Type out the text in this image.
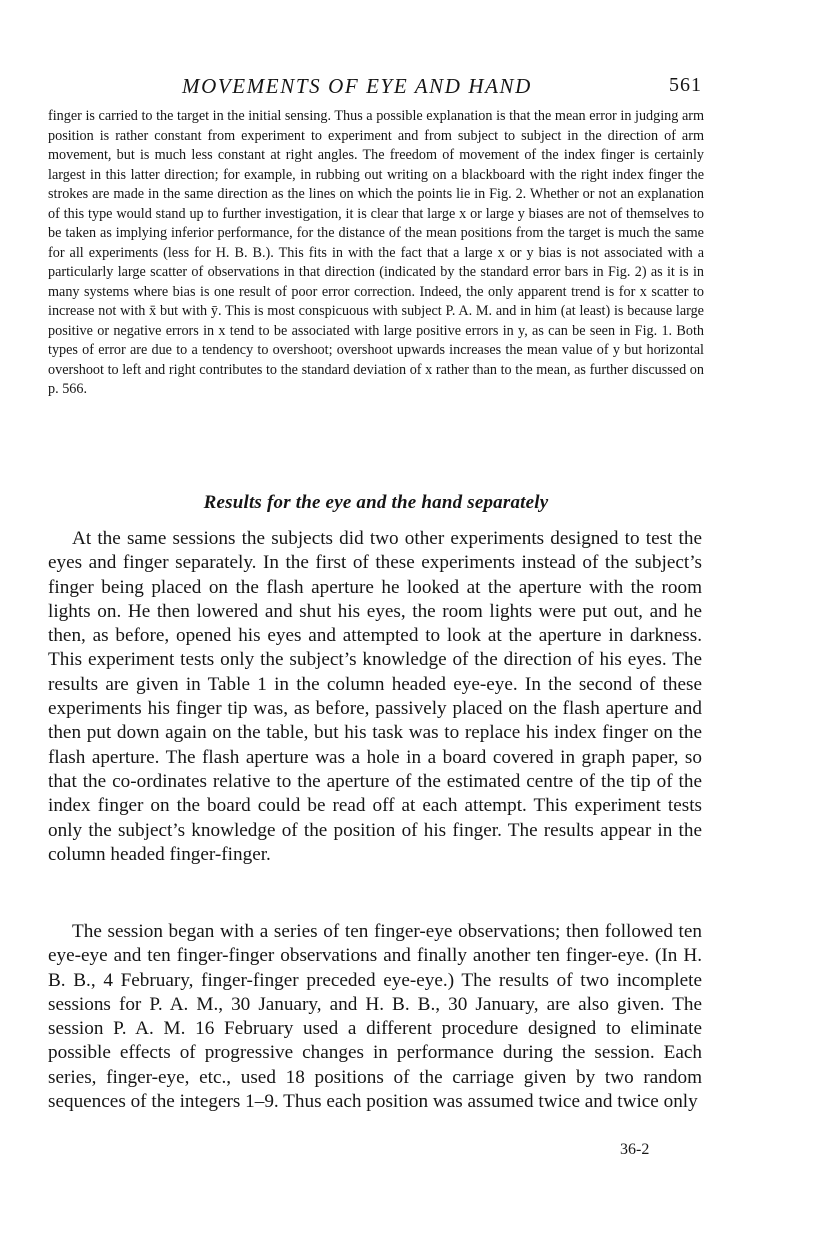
MOVEMENTS OF EYE AND HAND	561

finger is carried to the target in the initial sensing. Thus a possible explanation is that the mean error in judging arm position is rather constant from experiment to experiment and from subject to subject in the direction of arm movement, but is much less constant at right angles. The freedom of movement of the index finger is certainly largest in this latter direction; for example, in rubbing out writing on a blackboard with the right index finger the strokes are made in the same direction as the lines on which the points lie in Fig. 2. Whether or not an explanation of this type would stand up to further investigation, it is clear that large x or large y biases are not of themselves to be taken as implying inferior performance, for the distance of the mean positions from the target is much the same for all experiments (less for H. B. B.). This fits in with the fact that a large x or y bias is not associated with a particularly large scatter of observations in that direction (indicated by the standard error bars in Fig. 2) as it is in many systems where bias is one result of poor error correction. Indeed, the only apparent trend is for x scatter to increase not with x̄ but with ȳ. This is most conspicuous with subject P. A. M. and in him (at least) is because large positive or negative errors in x tend to be associated with large positive errors in y, as can be seen in Fig. 1. Both types of error are due to a tendency to overshoot; overshoot upwards increases the mean value of y but horizontal overshoot to left and right contributes to the standard deviation of x rather than to the mean, as further discussed on p. 566.

Results for the eye and the hand separately

At the same sessions the subjects did two other experiments designed to test the eyes and finger separately. In the first of these experiments instead of the subject’s finger being placed on the flash aperture he looked at the aperture with the room lights on. He then lowered and shut his eyes, the room lights were put out, and he then, as before, opened his eyes and attempted to look at the aperture in darkness. This experiment tests only the subject’s knowledge of the direction of his eyes. The results are given in Table 1 in the column headed eye-eye. In the second of these experiments his finger tip was, as before, passively placed on the flash aperture and then put down again on the table, but his task was to replace his index finger on the flash aperture. The flash aperture was a hole in a board covered in graph paper, so that the co-ordinates relative to the aperture of the estimated centre of the tip of the index finger on the board could be read off at each attempt. This experiment tests only the subject’s knowledge of the position of his finger. The results appear in the column headed finger-finger.

The session began with a series of ten finger-eye observations; then followed ten eye-eye and ten finger-finger observations and finally another ten finger-eye. (In H. B. B., 4 February, finger-finger preceded eye-eye.) The results of two incomplete sessions for P. A. M., 30 January, and H. B. B., 30 January, are also given. The session P. A. M. 16 February used a different procedure designed to eliminate possible effects of progressive changes in performance during the session. Each series, finger-eye, etc., used 18 positions of the carriage given by two random sequences of the integers 1–9. Thus each position was assumed twice and twice only

36-2
